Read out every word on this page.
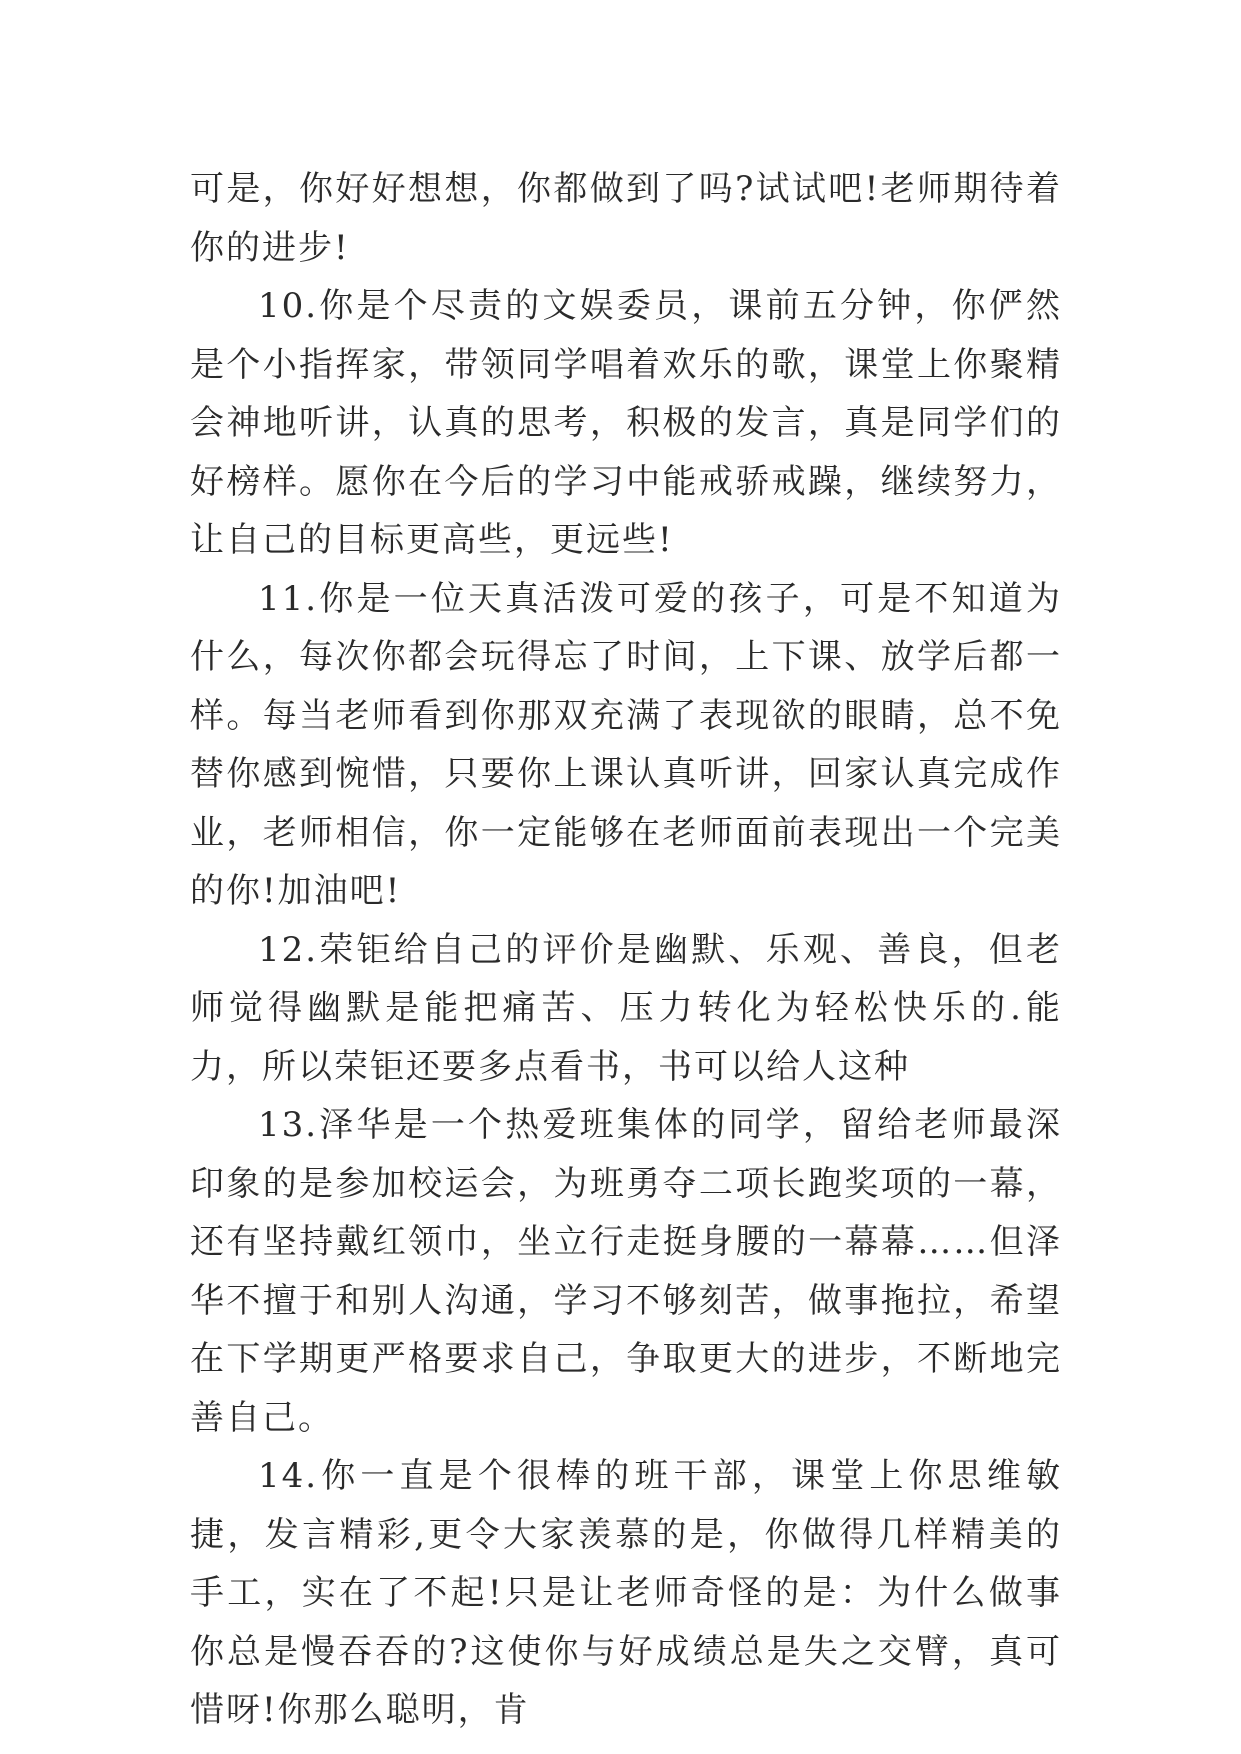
可是，你好好想想，你都做到了吗?试试吧!老师期待着你的进步!

10.你是个尽责的文娱委员，课前五分钟，你俨然是个小指挥家，带领同学唱着欢乐的歌，课堂上你聚精会神地听讲，认真的思考，积极的发言，真是同学们的好榜样。愿你在今后的学习中能戒骄戒躁，继续努力，让自己的目标更高些，更远些!

11.你是一位天真活泼可爱的孩子，可是不知道为什么，每次你都会玩得忘了时间，上下课、放学后都一样。每当老师看到你那双充满了表现欲的眼睛，总不免替你感到惋惜，只要你上课认真听讲，回家认真完成作业，老师相信，你一定能够在老师面前表现出一个完美的你!加油吧!

12.荣钜给自己的评价是幽默、乐观、善良，但老师觉得幽默是能把痛苦、压力转化为轻松快乐的.能力，所以荣钜还要多点看书，书可以给人这种

13.泽华是一个热爱班集体的同学，留给老师最深印象的是参加校运会，为班勇夺二项长跑奖项的一幕，还有坚持戴红领巾，坐立行走挺身腰的一幕幕……但泽华不擅于和别人沟通，学习不够刻苦，做事拖拉，希望在下学期更严格要求自己，争取更大的进步，不断地完善自己。

14.你一直是个很棒的班干部，课堂上你思维敏捷，发言精彩,更令大家羡慕的是，你做得几样精美的手工，实在了不起!只是让老师奇怪的是：为什么做事你总是慢吞吞的?这使你与好成绩总是失之交臂，真可惜呀!你那么聪明，肯
